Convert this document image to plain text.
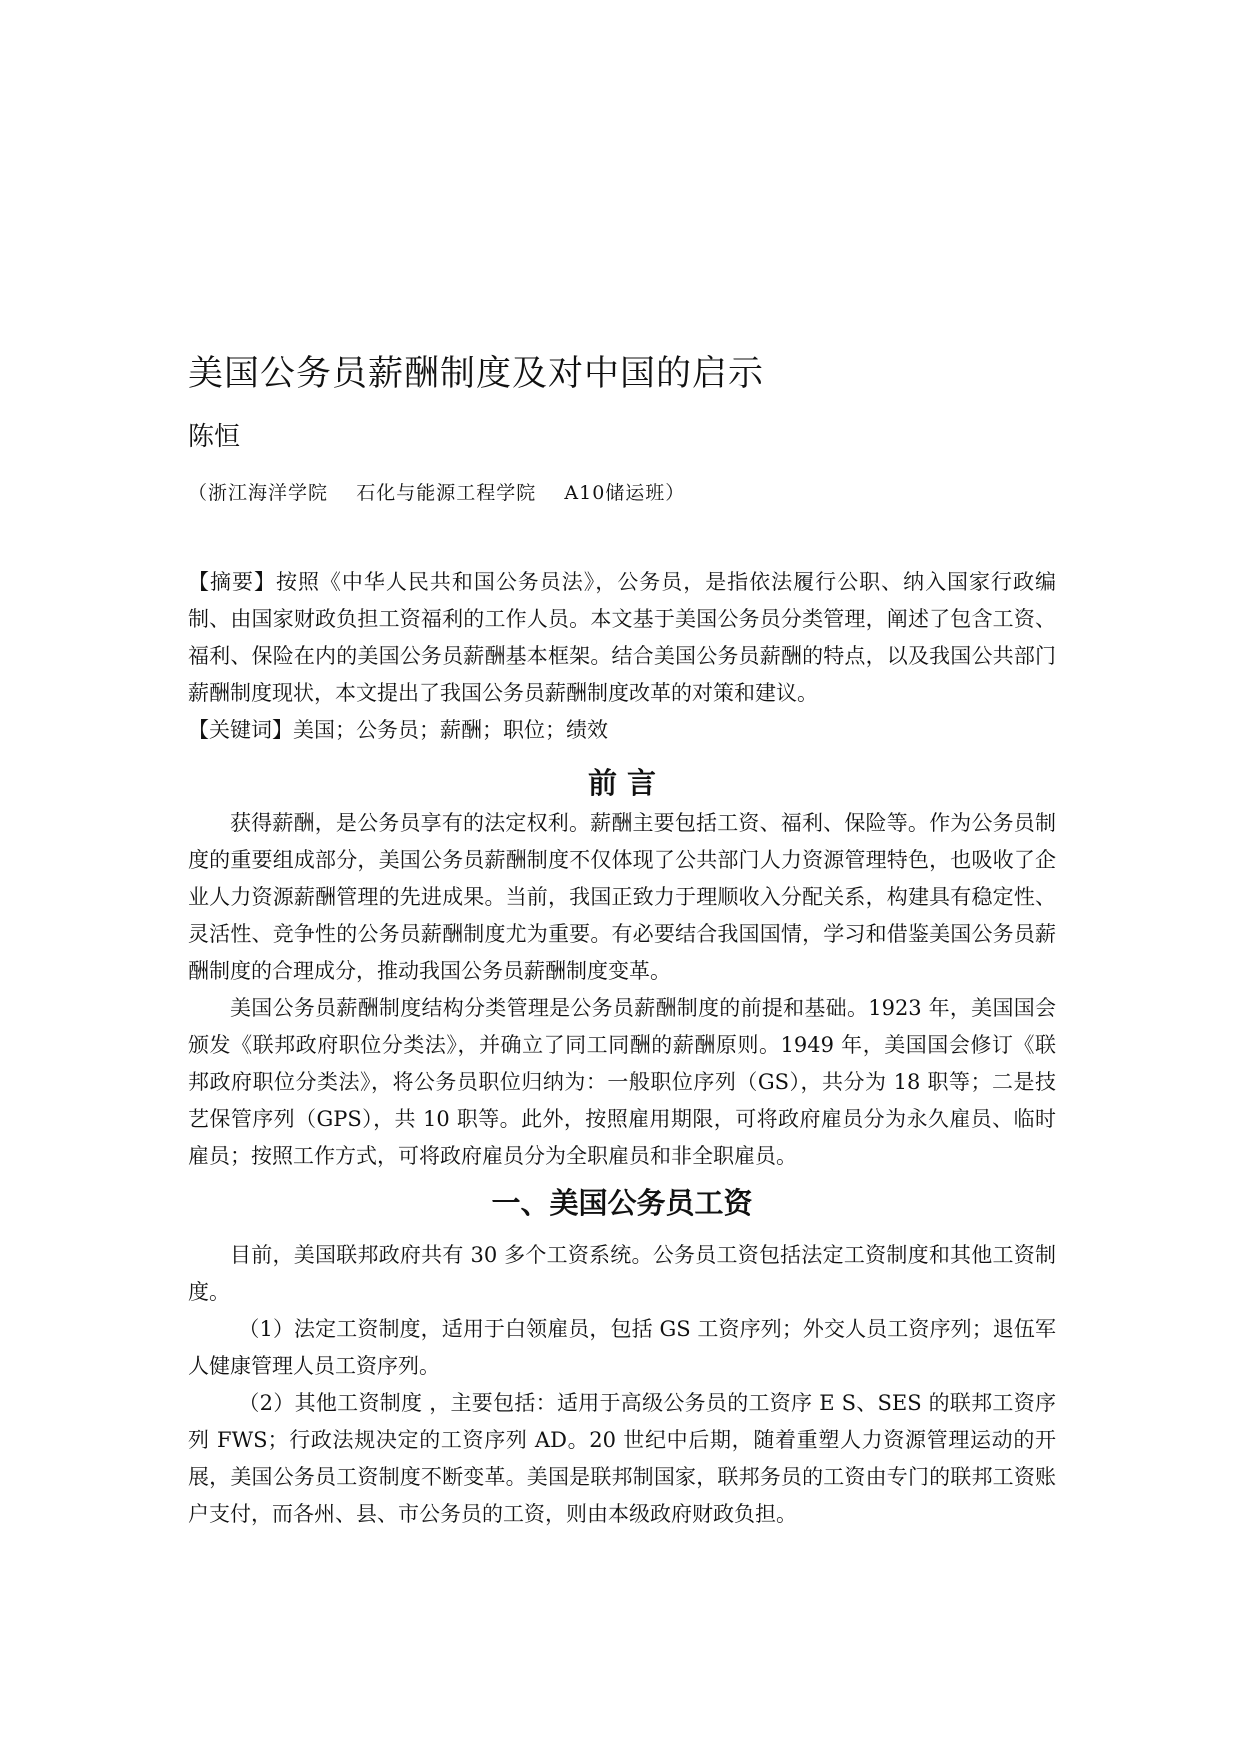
美国公务员薪酬制度及对中国的启示
陈恒
（浙江海洋学院 石化与能源工程学院 A10储运班）
【摘要】按照《中华人民共和国公务员法》，公务员，是指依法履行公职、纳入国家行政编制、由国家财政负担工资福利的工作人员。本文基于美国公务员分类管理，阐述了包含工资、福利、保险在内的美国公务员薪酬基本框架。结合美国公务员薪酬的特点，以及我国公共部门薪酬制度现状，本文提出了我国公务员薪酬制度改革的对策和建议。
【关键词】美国；公务员；薪酬；职位；绩效
前 言

获得薪酬，是公务员享有的法定权利。薪酬主要包括工资、福利、保险等。作为公务员制度的重要组成部分，美国公务员薪酬制度不仅体现了公共部门人力资源管理特色，也吸收了企业人力资源薪酬管理的先进成果。当前，我国正致力于理顺收入分配关系，构建具有稳定性、灵活性、竞争性的公务员薪酬制度尤为重要。有必要结合我国国情，学习和借鉴美国公务员薪酬制度的合理成分，推动我国公务员薪酬制度变革。

美国公务员薪酬制度结构分类管理是公务员薪酬制度的前提和基础。1923 年，美国国会颁发《联邦政府职位分类法》，并确立了同工同酬的薪酬原则。1949 年，美国国会修订《联邦政府职位分类法》，将公务员职位归纳为：一般职位序列（GS），共分为 18 职等；二是技艺保管序列（GPS），共 10 职等。此外，按照雇用期限，可将政府雇员分为永久雇员、临时雇员；按照工作方式，可将政府雇员分为全职雇员和非全职雇员。

一、美国公务员工资

目前，美国联邦政府共有 30 多个工资系统。公务员工资包括法定工资制度和其他工资制度。

（1）法定工资制度，适用于白领雇员，包括 GS 工资序列；外交人员工资序列；退伍军人健康管理人员工资序列。

（2）其他工资制度 ，主要包括：适用于高级公务员的工资序 E S、SES 的联邦工资序列 FWS；行政法规决定的工资序列 AD。20 世纪中后期，随着重塑人力资源管理运动的开展，美国公务员工资制度不断变革。美国是联邦制国家，联邦务员的工资由专门的联邦工资账户支付，而各州、县、市公务员的工资，则由本级政府财政负担。
